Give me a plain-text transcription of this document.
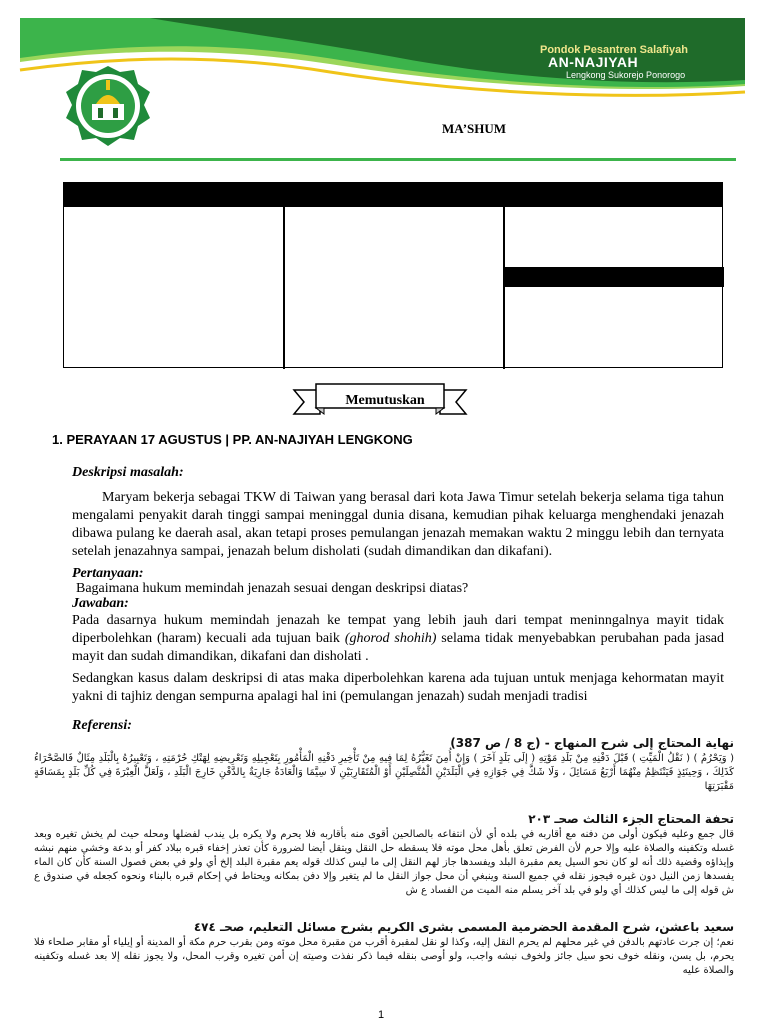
Pondok Pesantren Salafiyah
AN-NAJIYAH
Lengkong Sukorejo Ponorogo
MA’SHUM
Memutuskan
1. PERAYAAN 17 AGUSTUS | PP. AN-NAJIYAH LENGKONG
Deskripsi masalah:

Maryam bekerja sebagai TKW di Taiwan yang berasal dari kota Jawa Timur setelah bekerja selama tiga tahun mengalami penyakit darah tinggi sampai meninggal dunia disana, kemudian pihak keluarga menghendaki jenazah dibawa pulang ke daerah asal, akan tetapi proses pemulangan jenazah memakan waktu 2 minggu lebih dan ternyata setelah jenazahnya sampai, jenazah belum disholati (sudah dimandikan dan dikafani).

Pertanyaan:

Bagaimana hukum memindah jenazah sesuai dengan deskripsi diatas?

Jawaban:

Pada dasarnya hukum memindah jenazah ke tempat yang lebih jauh dari tempat meninngalnya mayit tidak diperbolehkan (haram) kecuali ada tujuan baik (ghorod shohih) selama tidak menyebabkan perubahan pada jasad mayit dan sudah dimandikan, dikafani dan disholati .

Sedangkan kasus dalam deskripsi di atas maka diperbolehkan karena ada tujuan untuk menjaga kehormatan mayit yakni di tajhiz dengan sempurna apalagi hal ini (pemulangan jenazah) sudah menjadi tradisi

Referensi:
نهاية المحتاج إلى شرح المنهاج - (ج 8 / ص 387)
( وَيَحْرُمُ ) ( نَقْلُ الْمَيِّتِ ) قَبْلَ دَفْنِهِ مِنْ بَلَدِ مَوْتِهِ ( إلَى بَلَدٍ آخَرَ ) وَإِنْ أُمِنَ تَغَيُّرُهُ لِمَا فِيهِ مِنْ تَأْخِيرِ دَفْنِهِ الْمَأْمُورِ بِتَعْجِيلِهِ وَتَعْرِيضِهِ لِهَتْكِ حُرْمَتِهِ ، وَتَعْبِيرُهُ بِالْبَلَدِ مِثَالٌ فَالصَّحْرَاءُ كَذَلِكَ ، وَحِينَئِذٍ فَيَنْتَظِمُ مِنْهُمَا أَرْبَعُ مَسَائِلَ ، وَلَا شَكَّ فِي جَوَازِهِ فِي الْبَلَدَيْنِ الْمُتَّصِلَيْنِ أَوْ الْمُتَقَارِبَيْنِ لَا سِيَّمَا وَالْعَادَةُ جَارِيَةٌ بِالدَّفْنِ خَارِجَ الْبَلَدِ ، وَلَعَلَّ الْعِبْرَةَ فِي كُلِّ بَلَدٍ بِمَسَافَةٍ مَقْبَرَتِهَا
تحفة المحتاج الجزء الثالث صحـ ٢٠٣
قال جمع وعليه فيكون أولى من دفنه مع أقاربه في بلده أي لأن انتفاعه بالصالحين أقوى منه بأقاربه فلا يحرم ولا يكره بل يندب لفضلها ومحله حيث لم يخش تغيره وبعد غسله وتكفينه والصلاة عليه وإلا حرم لأن الفرض تعلق بأهل محل موته فلا يسقطه حل النقل ويتقل أيضا لضرورة كأن تعذر إخفاء قبره ببلاد كفر أو بدعة وخشي منهم نبشه وإيذاؤه وقضية ذلك أنه لو كان نحو السيل يعم مقبرة البلد ويفسدها جاز لهم النقل إلى ما ليس كذلك قوله يعم مقبرة البلد إلخ أي ولو في بعض فصول السنة كأن كان الماء يفسدها زمن النيل دون غيره فيجوز نقله في جميع السنة وينبغي أن محل جواز النقل ما لم يتغير وإلا دفن بمكانه ويحتاط في إحكام قبره بالبناء ونحوه كجعله في صندوق ع ش قوله إلى ما ليس كذلك أي ولو في بلد آخر يسلم منه الميت من الفساد ع ش
سعيد باعشن، شرح المقدمة الحضرمية المسمى بشرى الكريم بشرح مسائل التعليم، صحـ ٤٧٤
نعم؛ إن جرت عادتهم بالدفن في غير محلهم لم يحرم النقل إليه، وكذا لو نقل لمقبرة أقرب من مقبرة محل موته ومن بقرب حرم مكة أو المدينة أو إيلياء أو مقابر صلحاء فلا يحرم، بل يسن، ونقله خوف نحو سيل جائز ولخوف نبشه واجب، ولو أوصى بنقله فيما ذكر نفذت وصيته إن أمن تغيره وقرب المحل، ولا يجوز نقله إلا بعد غسله وتكفينه والصلاة عليه
1
